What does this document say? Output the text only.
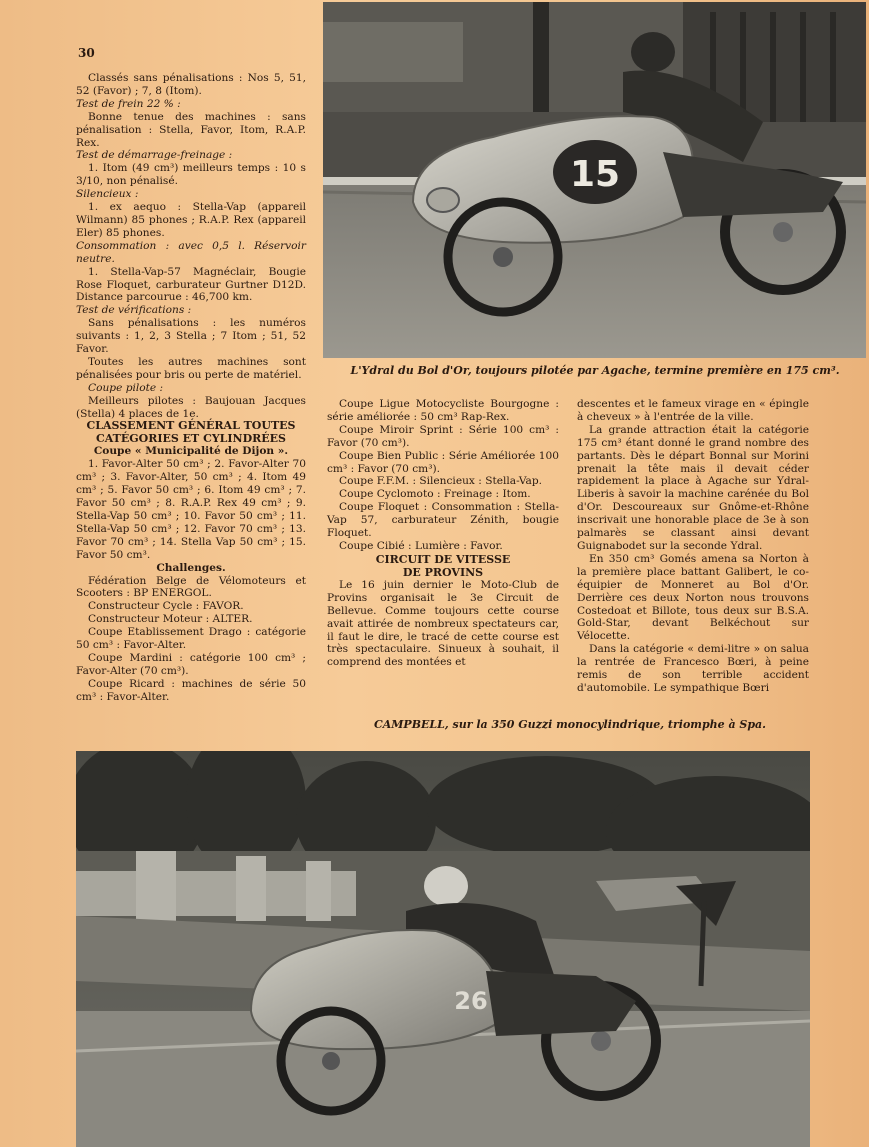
30
15
L'Ydral du Bol d'Or, toujours pilotée par Agache, termine première en 175 cm³.

Classés sans pénalisations : Nos 5, 51, 52 (Favor) ; 7, 8 (Itom).

Test de frein 22 % :

Bonne tenue des machines : sans pénalisation : Stella, Favor, Itom, R.A.P. Rex.

Test de démarrage-freinage :

1. Itom (49 cm³) meilleurs temps : 10 s 3/10, non pénalisé.

Silencieux :

1. ex aequo : Stella-Vap (appareil Wilmann) 85 phones ; R.A.P. Rex (appareil Eler) 85 phones.

Consommation : avec 0,5 l. Réservoir neutre.

1. Stella-Vap-57 Magnéclair, Bougie Rose Floquet, carburateur Gurtner D12D. Distance parcourue : 46,700 km.

Test de vérifications :

Sans pénalisations : les numéros suivants : 1, 2, 3 Stella ; 7 Itom ; 51, 52 Favor.

Toutes les autres machines sont pénalisées pour bris ou perte de matériel.

Coupe pilote :

Meilleurs pilotes : Baujouan Jacques (Stella) 4 places de 1e.

CLASSEMENT GÉNÉRAL TOUTES CATÉGORIES ET CYLINDRÉES

Coupe « Municipalité de Dijon ».

1. Favor-Alter 50 cm³ ; 2. Favor-Alter 70 cm³ ; 3. Favor-Alter, 50 cm³ ; 4. Itom 49 cm³ ; 5. Favor 50 cm³ ; 6. Itom 49 cm³ ; 7. Favor 50 cm³ ; 8. R.A.P. Rex 49 cm³ ; 9. Stella-Vap 50 cm³ ; 10. Favor 50 cm³ ; 11. Stella-Vap 50 cm³ ; 12. Favor 70 cm³ ; 13. Favor 70 cm³ ; 14. Stella Vap 50 cm³ ; 15. Favor 50 cm³.

Challenges.

Fédération Belge de Vélomoteurs et Scooters : BP ENERGOL.

Constructeur Cycle : FAVOR.

Constructeur Moteur : ALTER.

Coupe Etablissement Drago : catégorie 50 cm³ : Favor-Alter.

Coupe Mardini : catégorie 100 cm³ ; Favor-Alter (70 cm³).

Coupe Ricard : machines de série 50 cm³ : Favor-Alter.

Coupe Ligue Motocycliste Bourgogne : série améliorée : 50 cm³ Rap-Rex.

Coupe Miroir Sprint : Série 100 cm³ : Favor (70 cm³).

Coupe Bien Public : Série Améliorée 100 cm³ : Favor (70 cm³).

Coupe F.F.M. : Silencieux : Stella-Vap.

Coupe Cyclomoto : Freinage : Itom.

Coupe Floquet : Consommation : Stella-Vap 57, carburateur Zénith, bougie Floquet.

Coupe Cibié : Lumière : Favor.

CIRCUIT DE VITESSE DE PROVINS

Le 16 juin dernier le Moto-Club de Provins organisait le 3e Circuit de Bellevue. Comme toujours cette course avait attirée de nombreux spectateurs car, il faut le dire, le tracé de cette course est très spectaculaire. Sinueux à souhait, il comprend des montées et

descentes et le fameux virage en « épingle à cheveux » à l'entrée de la ville.

La grande attraction était la catégorie 175 cm³ étant donné le grand nombre des partants. Dès le départ Bonnal sur Morini prenait la tête mais il devait céder rapidement la place à Agache sur Ydral-Liberis à savoir la machine carénée du Bol d'Or. Descoureaux sur Gnôme-et-Rhône inscrivait une honorable place de 3e à son palmarès se classant ainsi devant Guignabodet sur la seconde Ydral.

En 350 cm³ Gomés amena sa Norton à la première place battant Galibert, le co-équipier de Monneret au Bol d'Or. Derrière ces deux Norton nous trouvons Costedoat et Billote, tous deux sur B.S.A. Gold-Star, devant Belkéchout sur Vélocette.

Dans la catégorie « demi-litre » on salua la rentrée de Francesco Bœri, à peine remis de son terrible accident d'automobile. Le sympathique Bœri

CAMPBELL, sur la 350 Guzzi monocylindrique, triomphe à Spa.
26
